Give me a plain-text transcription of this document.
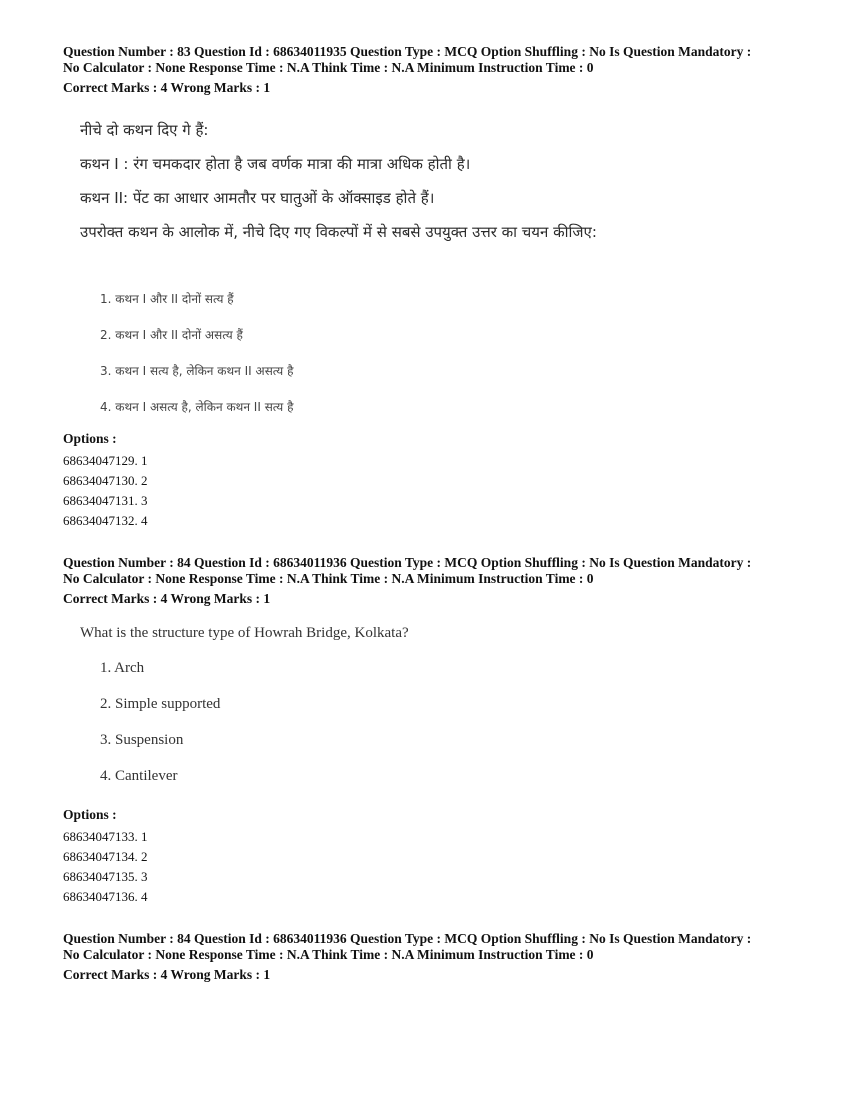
Question Number : 83 Question Id : 68634011935 Question Type : MCQ Option Shuffling : No Is Question Mandatory :
No Calculator : None Response Time : N.A Think Time : N.A Minimum Instruction Time : 0
Correct Marks : 4 Wrong Marks : 1
नीचे दो कथन दिए गे हैं:
कथन I : रंग चमकदार होता है जब वर्णक मात्रा की मात्रा अधिक होती है।
कथन II: पेंट का आधार आमतौर पर घातुओं के ऑक्साइड होते हैं।
उपरोक्त कथन के आलोक में, नीचे दिए गए विकल्पों में से सबसे उपयुक्त उत्तर का चयन कीजिए:
1. कथन I और II दोनों सत्य हैं
2. कथन I और II दोनों असत्य हैं
3. कथन I सत्य है, लेकिन कथन II असत्य है
4. कथन I असत्य है, लेकिन कथन II सत्य है
Options :
68634047129. 1
68634047130. 2
68634047131. 3
68634047132. 4
Question Number : 84 Question Id : 68634011936 Question Type : MCQ Option Shuffling : No Is Question Mandatory :
No Calculator : None Response Time : N.A Think Time : N.A Minimum Instruction Time : 0
Correct Marks : 4 Wrong Marks : 1
What is the structure type of Howrah Bridge, Kolkata?
1. Arch
2. Simple supported
3. Suspension
4. Cantilever
Options :
68634047133. 1
68634047134. 2
68634047135. 3
68634047136. 4
Question Number : 84 Question Id : 68634011936 Question Type : MCQ Option Shuffling : No Is Question Mandatory :
No Calculator : None Response Time : N.A Think Time : N.A Minimum Instruction Time : 0
Correct Marks : 4 Wrong Marks : 1
